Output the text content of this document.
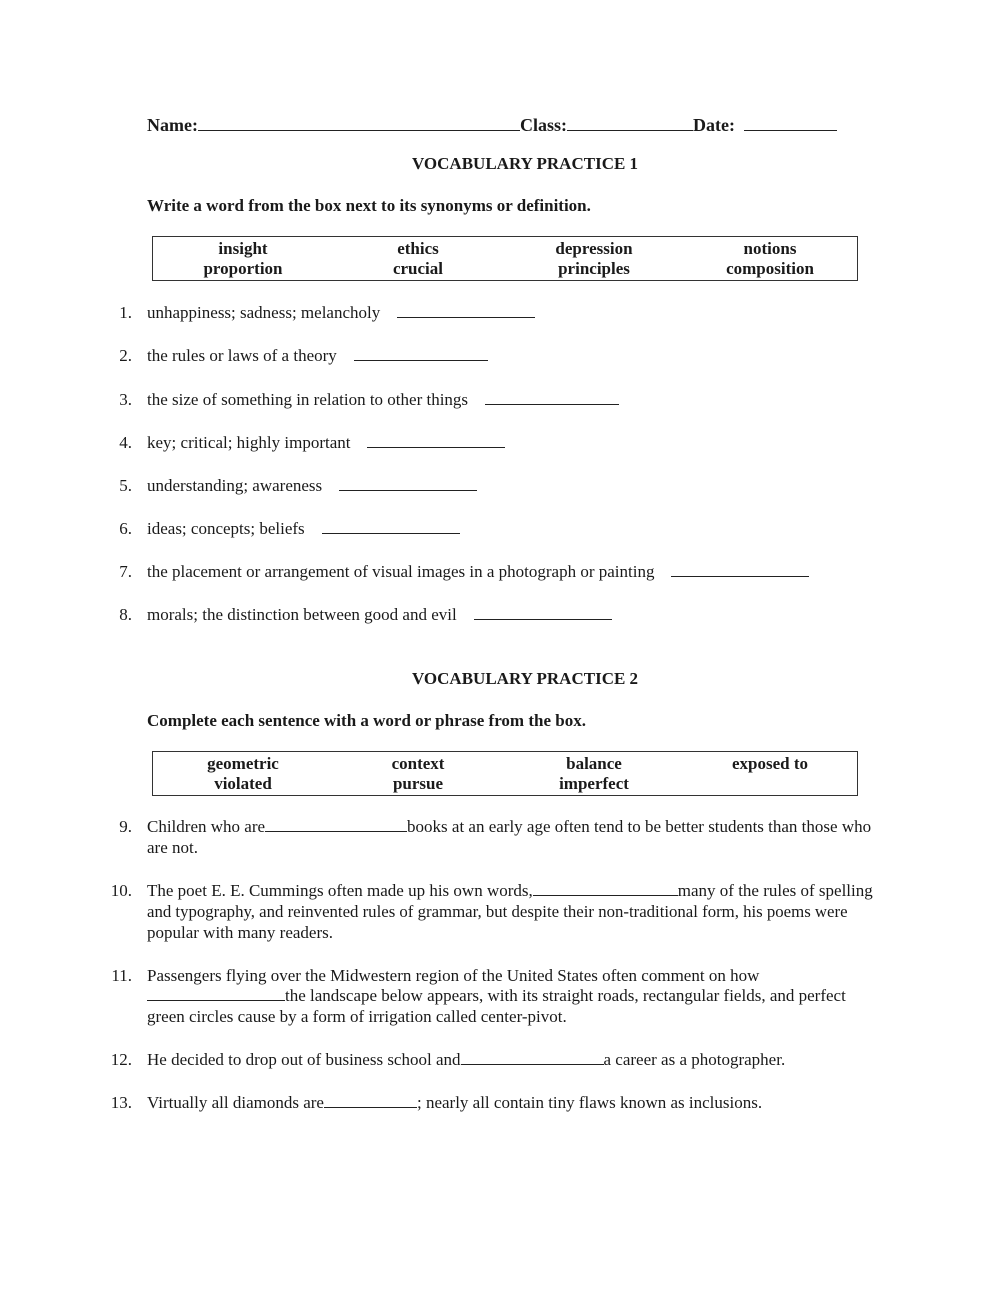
Name:	Class:	Date:
VOCABULARY PRACTICE 1
Write a word from the box next to its synonyms or definition.
insight	ethics	depression	notions
proportion	crucial	principles	composition
1. unhappiness; sadness; melancholy
2. the rules or laws of a theory
3. the size of something in relation to other things
4. key; critical; highly important
5. understanding; awareness
6. ideas; concepts; beliefs
7. the placement or arrangement of visual images in a photograph or painting
8. morals; the distinction between good and evil
VOCABULARY PRACTICE 2
Complete each sentence with a word or phrase from the box.
geometric	context	balance	exposed to
violated	pursue	imperfect
9. Children who are	books at an early age often tend to be better students than those who
are not.
10. The poet E. E. Cummings often made up his own words,	many of the rules of spelling
and typography, and reinvented rules of grammar, but despite their non-traditional form, his poems were
popular with many readers.
11. Passengers flying over the Midwestern region of the United States often comment on how
the landscape below appears, with its straight roads, rectangular fields, and perfect
green circles cause by a form of irrigation called center-pivot.
12. He decided to drop out of business school and	a career as a photographer.
13. Virtually all diamonds are	; nearly all contain tiny flaws known as inclusions.
